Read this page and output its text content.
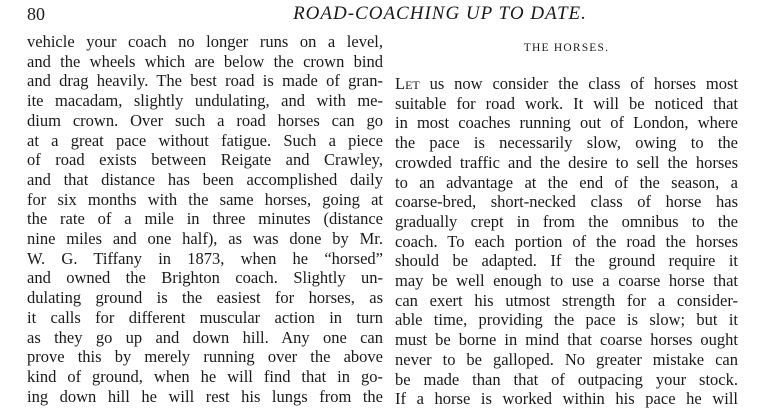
80	ROAD-COACHING UP TO DATE.
vehicle your coach no longer runs on a level,
and the wheels which are below the crown bind
and drag heavily. The best road is made of gran-
ite macadam, slightly undulating, and with me-
dium crown. Over such a road horses can go
at a great pace without fatigue. Such a piece
of road exists between Reigate and Crawley,
and that distance has been accomplished daily
for six months with the same horses, going at
the rate of a mile in three minutes (distance
nine miles and one half), as was done by Mr.
W. G. Tiffany in 1873, when he “horsed”
and owned the Brighton coach. Slightly un-
dulating ground is the easiest for horses, as
it calls for different muscular action in turn
as they go up and down hill. Any one can
prove this by merely running over the above
kind of ground, when he will find that in go-
ing down hill he will rest his lungs from the
THE HORSES.
Let us now consider the class of horses most
suitable for road work. It will be noticed that
in most coaches running out of London, where
the pace is necessarily slow, owing to the
crowded traffic and the desire to sell the horses
to an advantage at the end of the season, a
coarse-bred, short-necked class of horse has
gradually crept in from the omnibus to the
coach. To each portion of the road the horses
should be adapted. If the ground require it
may be well enough to use a coarse horse that
can exert his utmost strength for a consider-
able time, providing the pace is slow; but it
must be borne in mind that coarse horses ought
never to be galloped. No greater mistake can
be made than that of outpacing your stock.
If a horse is worked within his pace he will
